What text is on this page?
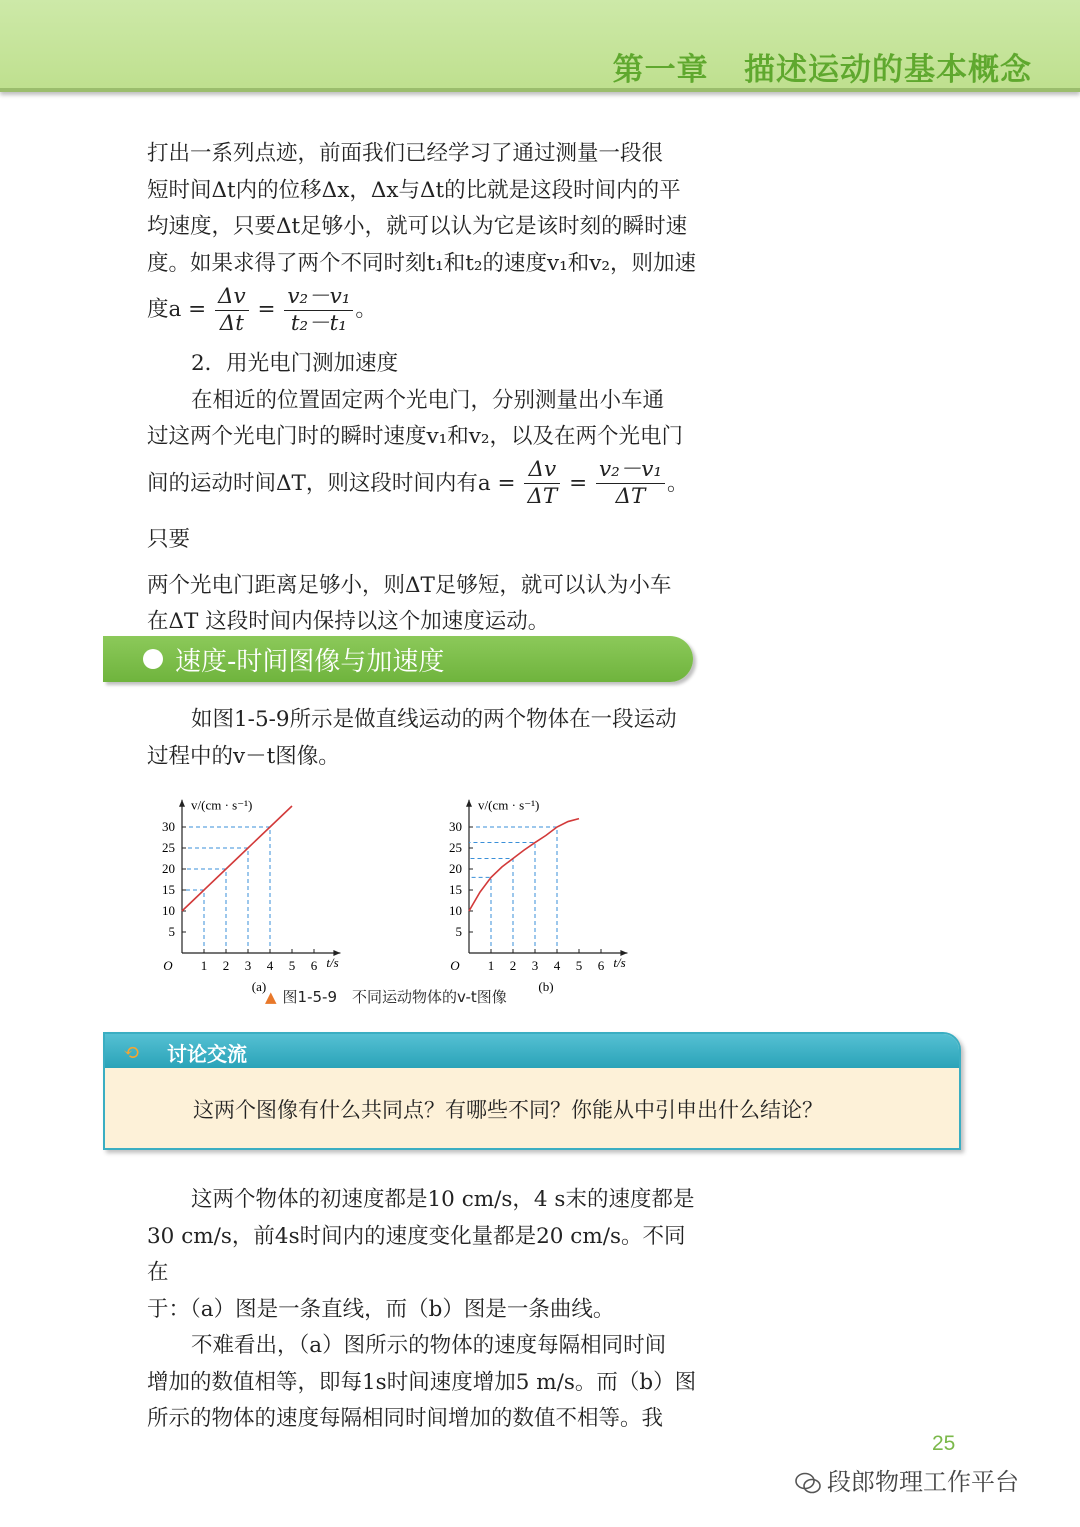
第一章 描述运动的基本概念

打出一系列点迹，前面我们已经学习了通过测量一段很

短时间Δt内的位移Δx，Δx与Δt的比就是这段时间内的平

均速度，只要Δt足够小，就可以认为它是该时刻的瞬时速

度。如果求得了两个不同时刻t₁和t₂的速度v₁和v₂，则加速

度$a = \frac{\Delta v}{\Delta t} = \frac{\text{v₂－v₁}}{\text{t₂－t₁}}$ 。

2．用光电门测加速度

在相近的位置固定两个光电门，分别测量出小车通

过这两个光电门时的瞬时速度v₁和v₂，以及在两个光电门

间的运动时间ΔT，则这段时间内有$a = \frac{\Delta v}{\Delta T} = \frac{\text{v₂－v₁}}{\Delta T}$ 。只要

两个光电门距离足够小，则ΔT足够短，就可以认为小车

在ΔT 这段时间内保持以这个加速度运动。

速度-时间图像与加速度

如图1-5-9所示是做直线运动的两个物体在一段运动

过程中的v－t图像。

1 2 3 4 5 6
5
10
15
20
25
30
O	t/s
v/(cm · s⁻¹)
(a)
1 2 3 4 5 6
5
10
15
20
25
30
O	t/s
v/(cm · s⁻¹)
(b)
▲ 图1-5-9　不同运动物体的v-t图像
⟲ 讨论交流
这两个图像有什么共同点？有哪些不同？你能从中引申出什么结论？

这两个物体的初速度都是10 cm/s，4 s末的速度都是

30 cm/s，前4s时间内的速度变化量都是20 cm/s。不同在

于：（a）图是一条直线，而（b）图是一条曲线。

不难看出，（a）图所示的物体的速度每隔相同时间

增加的数值相等，即每1s时间速度增加5 m/s。而（b）图

所示的物体的速度每隔相同时间增加的数值不相等。我

25
段郎物理工作平台
